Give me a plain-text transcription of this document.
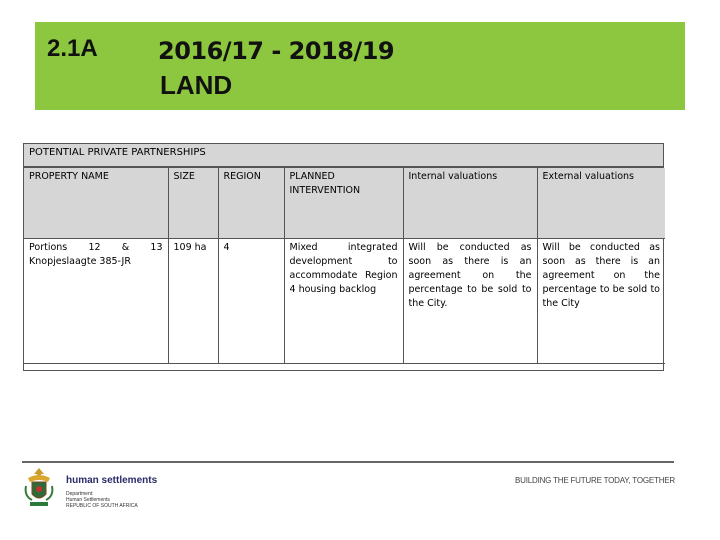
2.1A	2016/17 - 2018/19
LAND
POTENTIAL PRIVATE PARTNERSHIPS
PROPERTY NAME	SIZE	REGION	PLANNED INTERVENTION	Internal valuations	External valuations
Portions 12 & 13 Knopjeslaagte 385-JR	109 ha	4	Mixed integrated development to accommodate Region 4 housing backlog	Will be conducted as soon as there is an agreement on the percentage to be sold to the City.	Will be conducted as soon as there is an agreement on the percentage to be sold to the City
human settlements
Department:
Human Settlements
REPUBLIC OF SOUTH AFRICA
BUILDING THE FUTURE TODAY, TOGETHER
